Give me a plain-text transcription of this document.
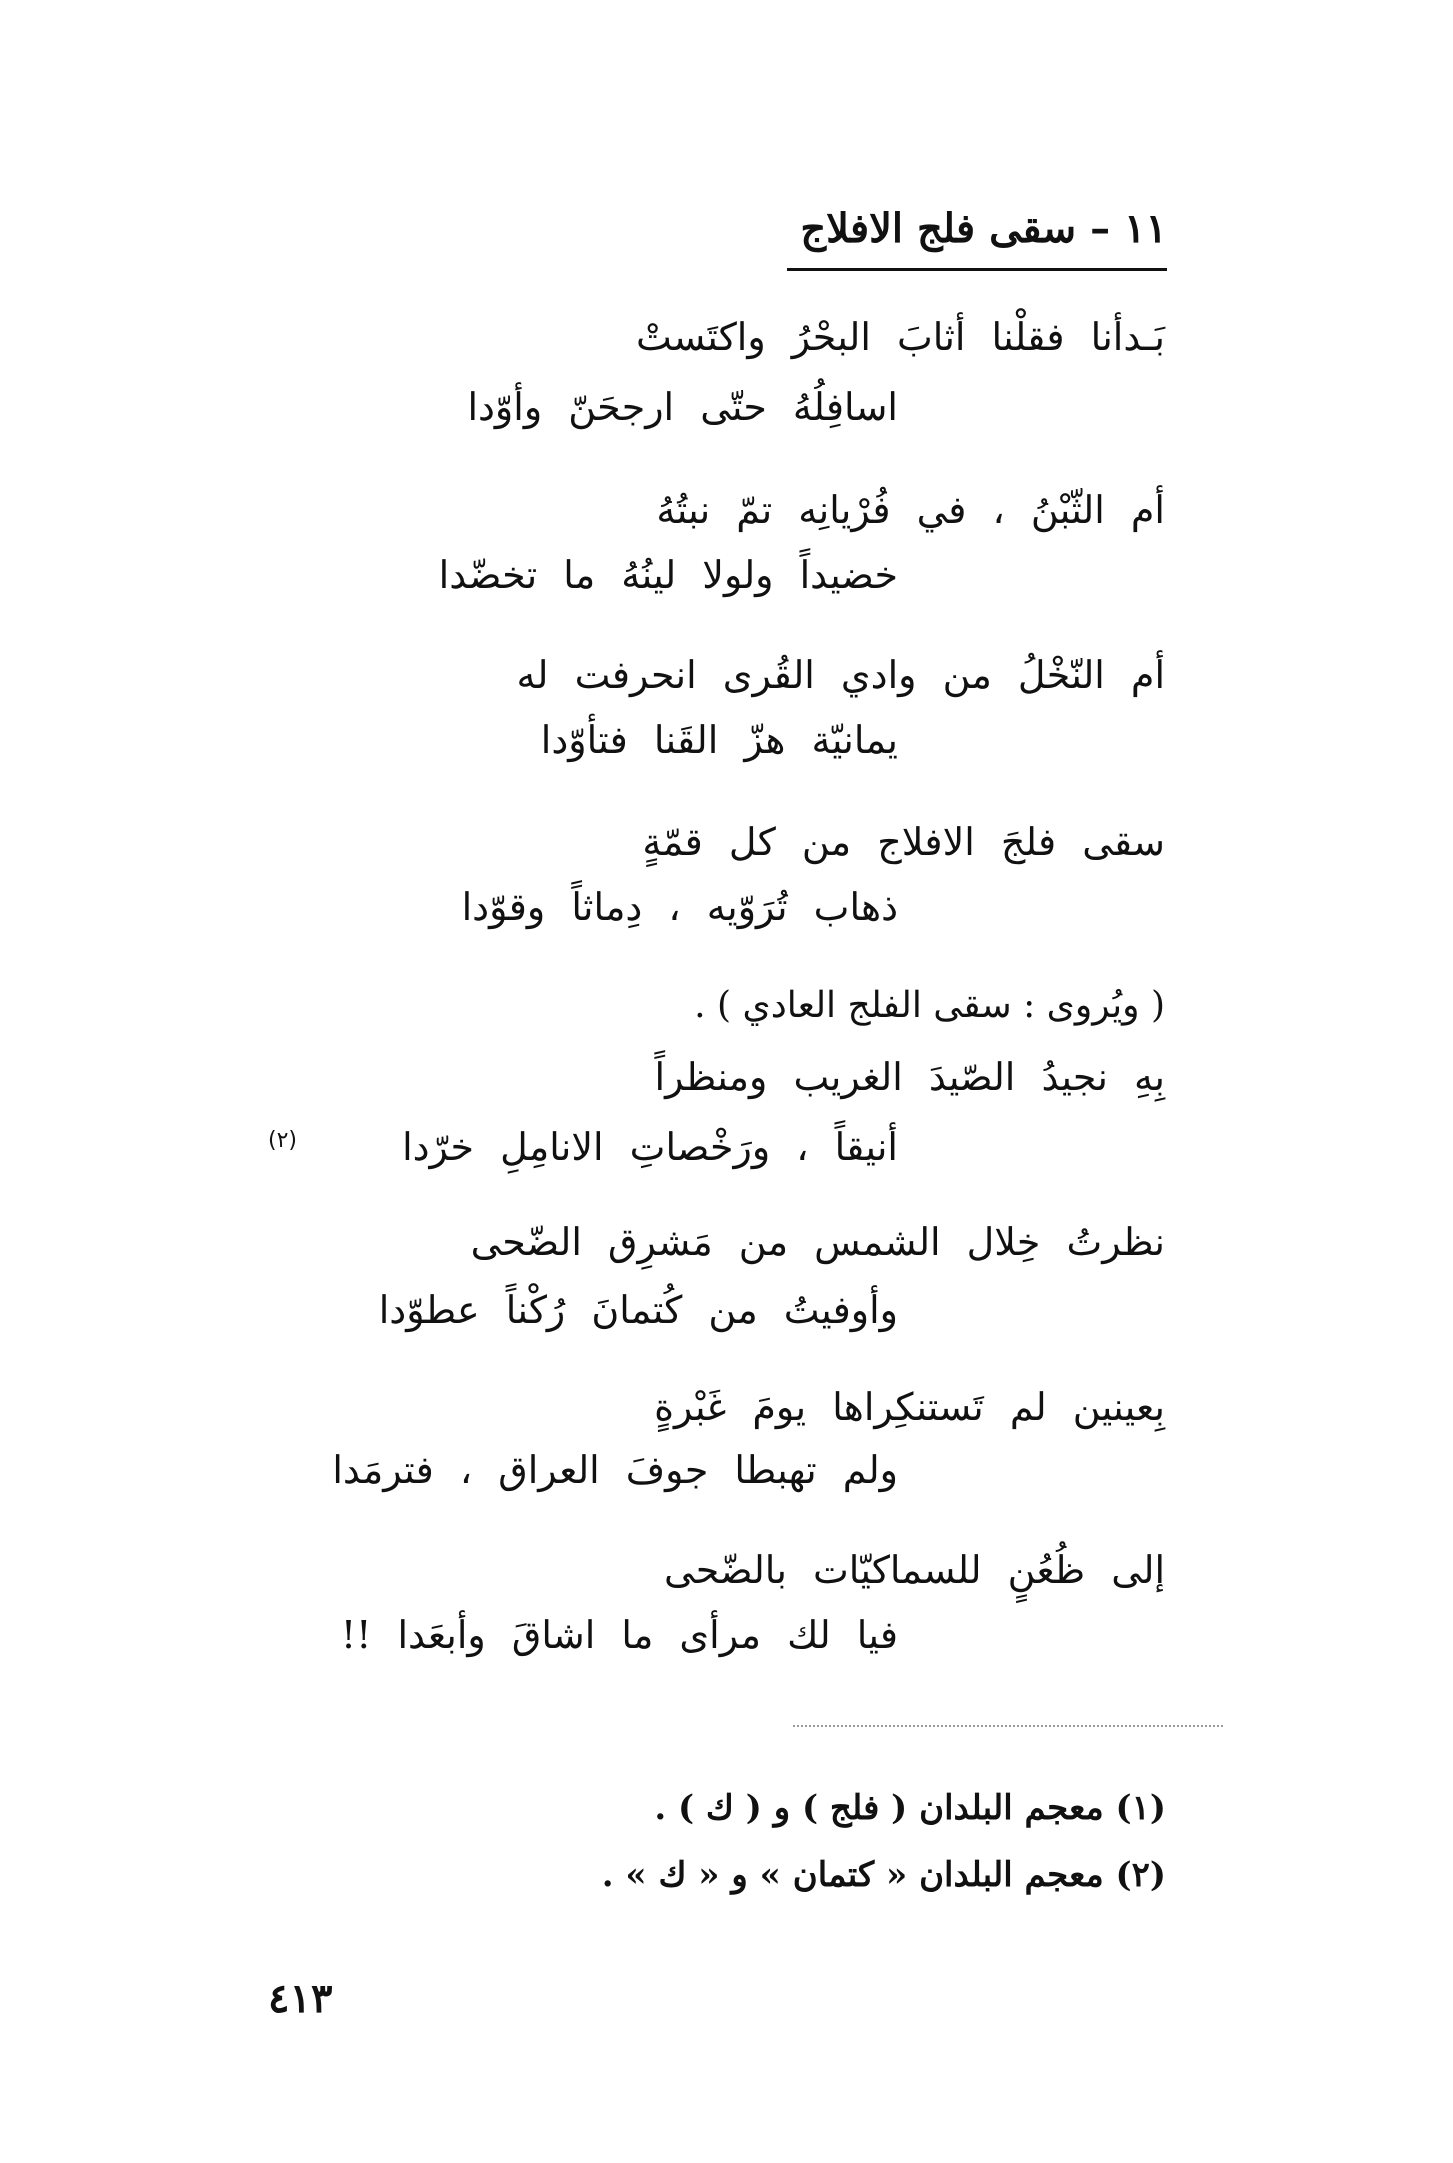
١١ – سقى فلج الافلاج
بَـدأنا فقلْنا أثابَ البحْرُ واكتَستْ
اسافِلُهُ حتّى ارجحَنّ وأوّدا
أم الثّبْنُ ، في فُرْيانِه تمّ نبتُهُ
خضيداً ولولا لينُهُ ما تخضّدا
أم النّخْلُ من وادي القُرى انحرفت له
يمانيّة هزّ القَنا فتأوّدا
سقى فلجَ الافلاج من كل قمّةٍ
ذهاب تُرَوّيه ، دِماثاً وقوّدا
( ويُروى : سقى الفلج العادي ) .
بِهِ نجيدُ الصّيدَ الغريب ومنظراً
أنيقاً ، ورَخْصاتِ الانامِلِ خرّدا
(٢)
نظرتُ خِلال الشمس من مَشرِق الضّحى
وأوفيتُ من كُتمانَ رُكْناً عطوّدا
بِعينين لم تَستنكِراها يومَ غَبْرةٍ
ولم تهبطا جوفَ العراق ، فترمَدا
إلى ظُعُنٍ للسماكيّات بالضّحى
فيا لك مرأى ما اشاقَ وأبعَدا !!
(١) معجم البلدان ( فلج ) و ( ك ) .
(٢) معجم البلدان « كتمان » و « ك » .
٤١٣
